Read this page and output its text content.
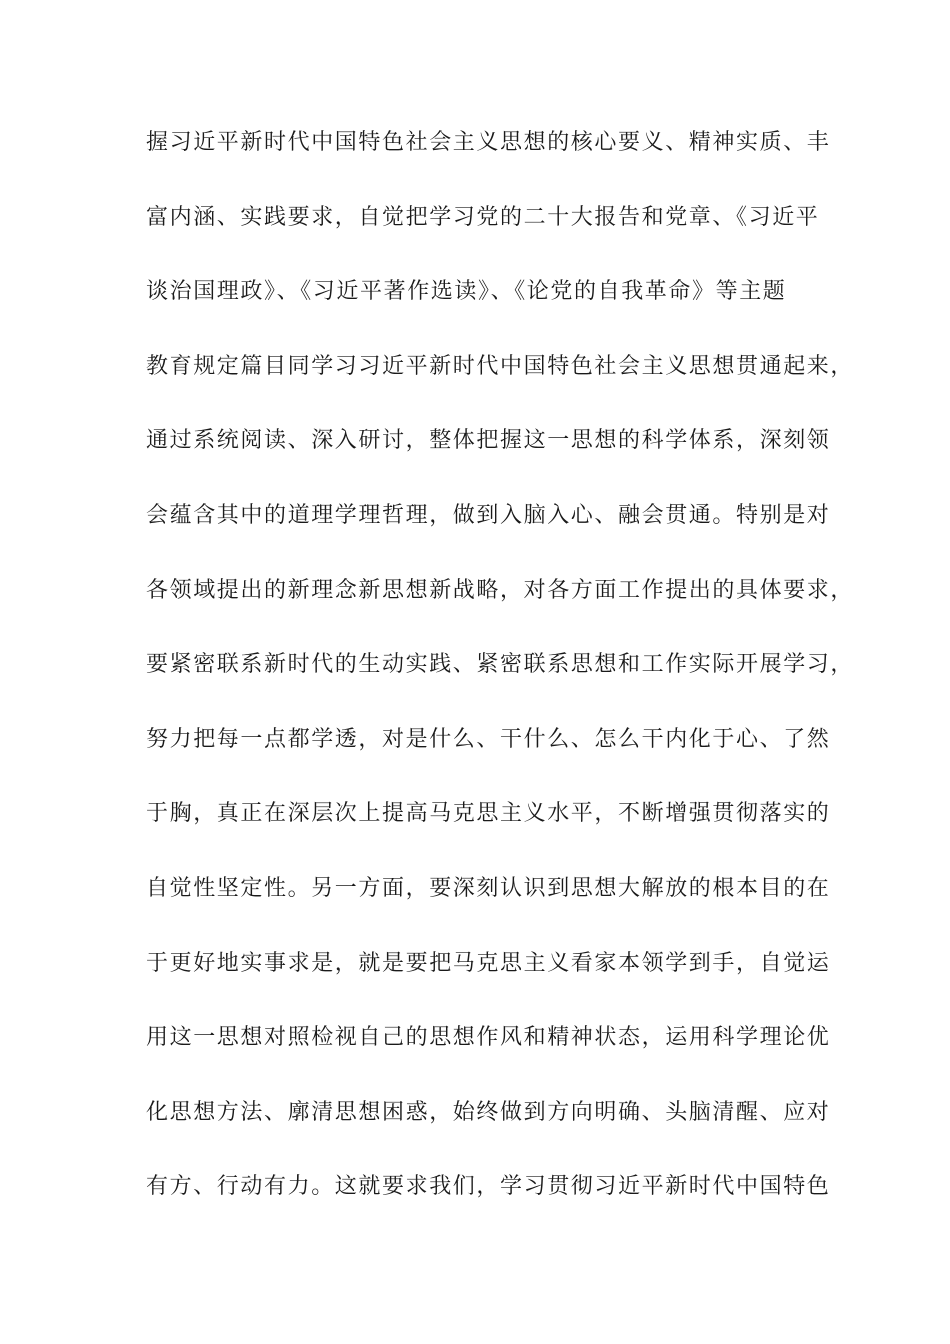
握习近平新时代中国特色社会主义思想的核心要义、精神实质、丰
富内涵、实践要求，自觉把学习党的二十大报告和党章、《习近平
谈治国理政》、《习近平著作选读》、《论党的自我革命》等主题
教育规定篇目同学习习近平新时代中国特色社会主义思想贯通起来，
通过系统阅读、深入研讨，整体把握这一思想的科学体系，深刻领
会蕴含其中的道理学理哲理，做到入脑入心、融会贯通。特别是对
各领域提出的新理念新思想新战略，对各方面工作提出的具体要求，
要紧密联系新时代的生动实践、紧密联系思想和工作实际开展学习，
努力把每一点都学透，对是什么、干什么、怎么干内化于心、了然
于胸，真正在深层次上提高马克思主义水平，不断增强贯彻落实的
自觉性坚定性。另一方面，要深刻认识到思想大解放的根本目的在
于更好地实事求是，就是要把马克思主义看家本领学到手，自觉运
用这一思想对照检视自己的思想作风和精神状态，运用科学理论优
化思想方法、廓清思想困惑，始终做到方向明确、头脑清醒、应对
有方、行动有力。这就要求我们，学习贯彻习近平新时代中国特色
